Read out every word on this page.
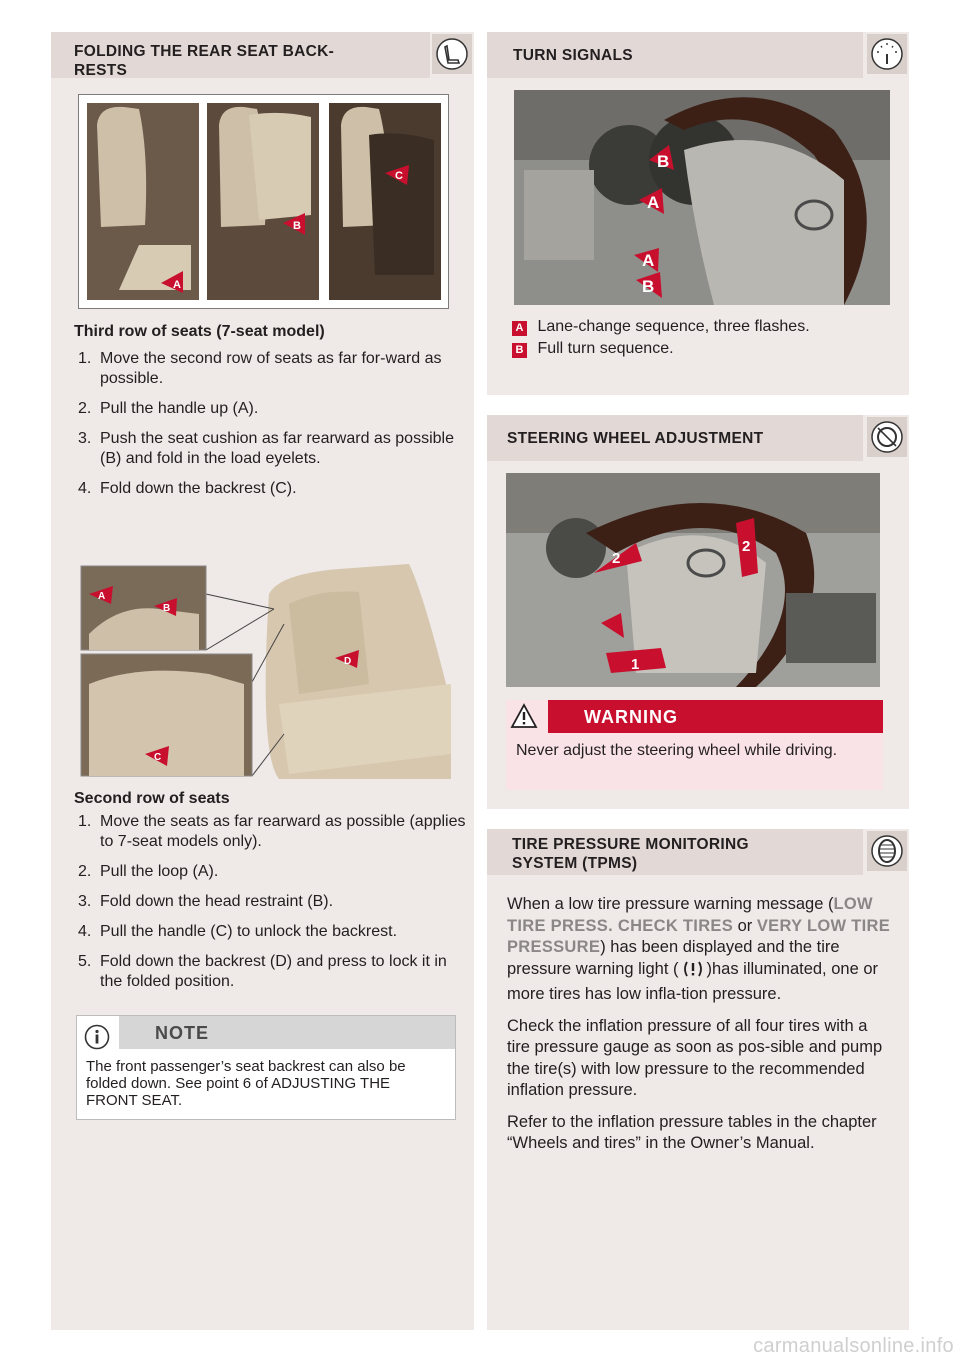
FOLDING THE REAR SEAT BACK-
RESTS
A
B
C
Third row of seats (7-seat model)
1. Move the second row of seats as far for-ward as possible.
2. Pull the handle up (A).
3. Push the seat cushion as far rearward as possible (B) and fold in the load eyelets.
4. Fold down the backrest (C).
A
B
C
D
Second row of seats
1. Move the seats as far rearward as possible (applies to 7-seat models only).
2. Pull the loop (A).
3. Fold down the head restraint (B).
4. Pull the handle (C) to unlock the backrest.
5. Fold down the backrest (D) and press to lock it in the folded position.
NOTE
The front passenger’s seat backrest can also be folded down. See point 6 of ADJUSTING THE FRONT SEAT.
TURN SIGNALS
B
A
A
B
A Lane-change sequence, three flashes.
B Full turn sequence.
STEERING WHEEL ADJUSTMENT
2
2
1
WARNING
Never adjust the steering wheel while driving.
TIRE PRESSURE MONITORING
SYSTEM (TPMS)

When a low tire pressure warning message (LOW TIRE PRESS. CHECK TIRES or VERY LOW TIRE PRESSURE) has been displayed and the tire pressure warning light ( )has illuminated, one or more tires has low infla-tion pressure.

Check the inflation pressure of all four tires with a tire pressure gauge as soon as pos-sible and pump the tire(s) with low pressure to the recommended inflation pressure.

Refer to the inflation pressure tables in the chapter “Wheels and tires” in the Owner’s Manual.

carmanualsonline.info
